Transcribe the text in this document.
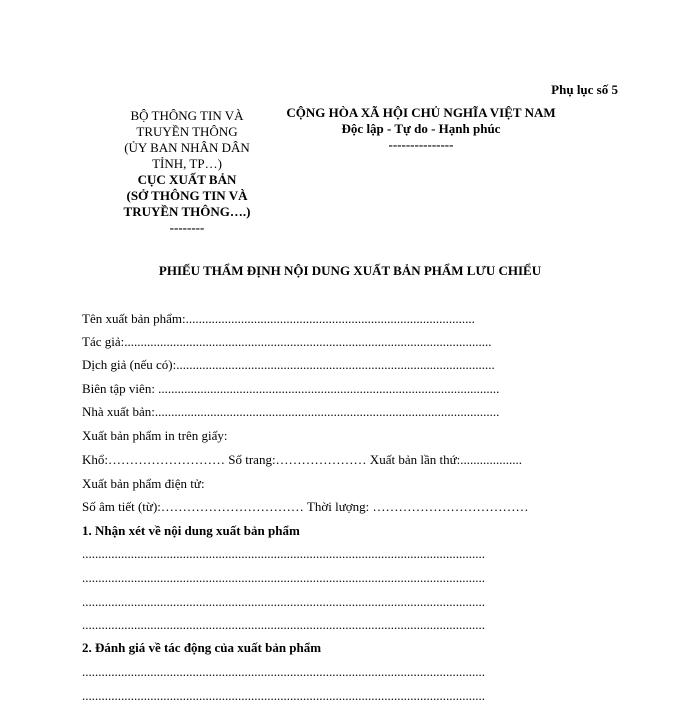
Phụ lục số 5
BỘ THÔNG TIN VÀ
TRUYỀN THÔNG
(ỦY BAN NHÂN DÂN
TỈNH, TP…)
CỤC XUẤT BẢN
(SỞ THÔNG TIN VÀ
TRUYỀN THÔNG….)
--------
CỘNG HÒA XÃ HỘI CHỦ NGHĨA VIỆT NAM
Độc lập - Tự do - Hạnh phúc
---------------
PHIẾU THẨM ĐỊNH NỘI DUNG XUẤT BẢN PHẨM LƯU CHIỂU
Tên xuất bản phẩm:.........................................................................................
Tác giả:.................................................................................................................
Dịch giả (nếu có):..................................................................................................
Biên tập viên: .........................................................................................................
Nhà xuất bản:..........................................................................................................
Xuất bản phẩm in trên giấy:
Khổ:……………………… Số trang:………………… Xuất bản lần thứ:...................
Xuất bản phẩm điện tử:
Số âm tiết (từ):…………………………… Thời lượng: ………………………………
1. Nhận xét về nội dung xuất bản phẩm
............................................................................................................................
............................................................................................................................
............................................................................................................................
............................................................................................................................
2. Đánh giá về tác động của xuất bản phẩm
............................................................................................................................
............................................................................................................................
